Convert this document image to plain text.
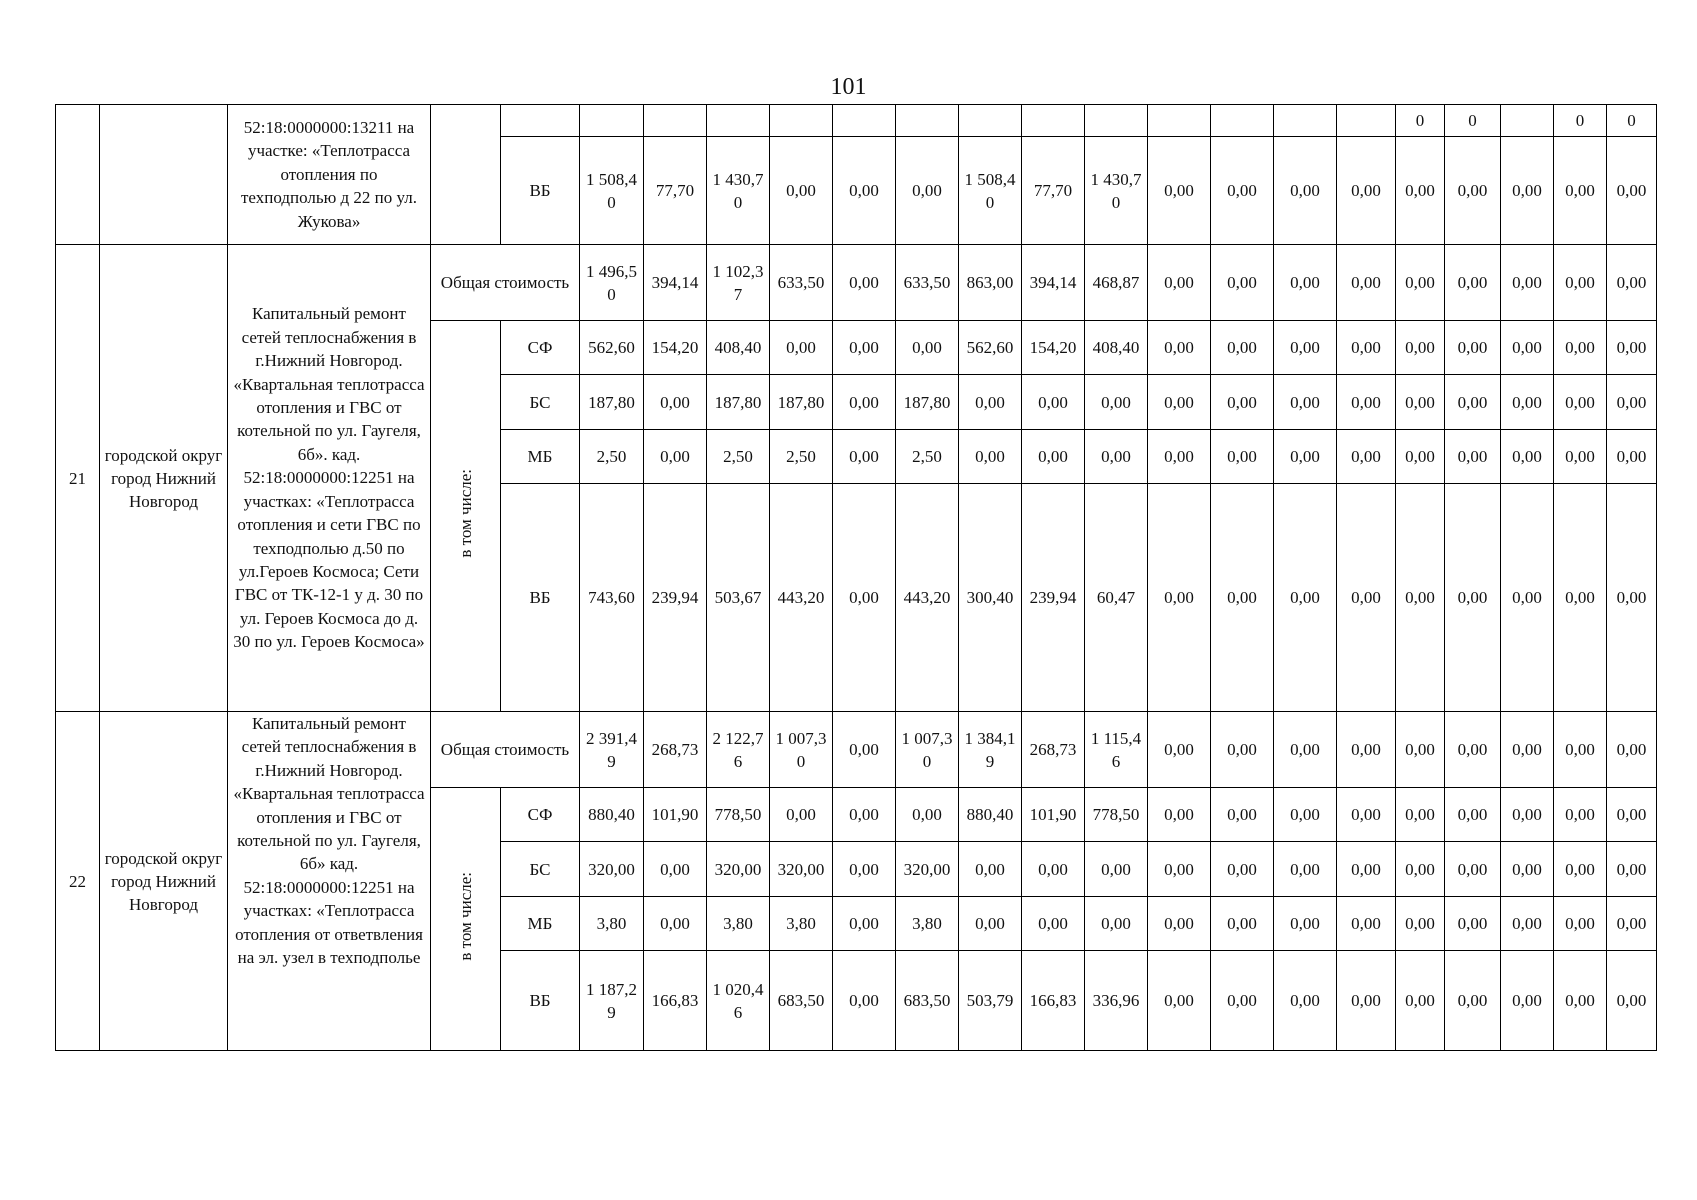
101
		52:18:0000000:13211 на участке: «Теплотрасса отопления по техподполью д 22 по ул. Жукова»																0	0		0	0
				ВБ	1 508,40	77,70	1 430,70	0,00	0,00	0,00	1 508,40	77,70	1 430,70	0,00	0,00	0,00	0,00	0,00	0,00	0,00	0,00	0,00
21	городской округ город Нижний Новгород	Капитальный ремонт сетей теплоснабжения в г.Нижний Новгород. «Квартальная теплотрасса отопления и ГВС от котельной по ул. Гаугеля, 6б». кад. 52:18:0000000:12251 на участках: «Теплотрасса отопления и сети ГВС по техподполью д.50 по ул.Героев Космоса; Сети ГВС от ТК-12-1 у д. 30 по ул. Героев Космоса до д. 30 по ул. Героев Космоса»	Общая стоимость		1 496,50	394,14	1 102,37	633,50	0,00	633,50	863,00	394,14	468,87	0,00	0,00	0,00	0,00	0,00	0,00	0,00	0,00	0,00
			в том числе:	СФ	562,60	154,20	408,40	0,00	0,00	0,00	562,60	154,20	408,40	0,00	0,00	0,00	0,00	0,00	0,00	0,00	0,00	0,00
				БС	187,80	0,00	187,80	187,80	0,00	187,80	0,00	0,00	0,00	0,00	0,00	0,00	0,00	0,00	0,00	0,00	0,00	0,00
				МБ	2,50	0,00	2,50	2,50	0,00	2,50	0,00	0,00	0,00	0,00	0,00	0,00	0,00	0,00	0,00	0,00	0,00	0,00
				ВБ	743,60	239,94	503,67	443,20	0,00	443,20	300,40	239,94	60,47	0,00	0,00	0,00	0,00	0,00	0,00	0,00	0,00	0,00
22	городской округ город Нижний Новгород	Капитальный ремонт сетей теплоснабжения в г.Нижний Новгород. «Квартальная теплотрасса отопления и ГВС от котельной по ул. Гаугеля, 6б» кад. 52:18:0000000:12251 на участках: «Теплотрасса отопления от ответвления на эл. узел в техподполье	Общая стоимость		2 391,49	268,73	2 122,76	1 007,30	0,00	1 007,30	1 384,19	268,73	1 115,46	0,00	0,00	0,00	0,00	0,00	0,00	0,00	0,00	0,00
			в том числе:	СФ	880,40	101,90	778,50	0,00	0,00	0,00	880,40	101,90	778,50	0,00	0,00	0,00	0,00	0,00	0,00	0,00	0,00	0,00
				БС	320,00	0,00	320,00	320,00	0,00	320,00	0,00	0,00	0,00	0,00	0,00	0,00	0,00	0,00	0,00	0,00	0,00	0,00
				МБ	3,80	0,00	3,80	3,80	0,00	3,80	0,00	0,00	0,00	0,00	0,00	0,00	0,00	0,00	0,00	0,00	0,00	0,00
				ВБ	1 187,29	166,83	1 020,46	683,50	0,00	683,50	503,79	166,83	336,96	0,00	0,00	0,00	0,00	0,00	0,00	0,00	0,00	0,00
